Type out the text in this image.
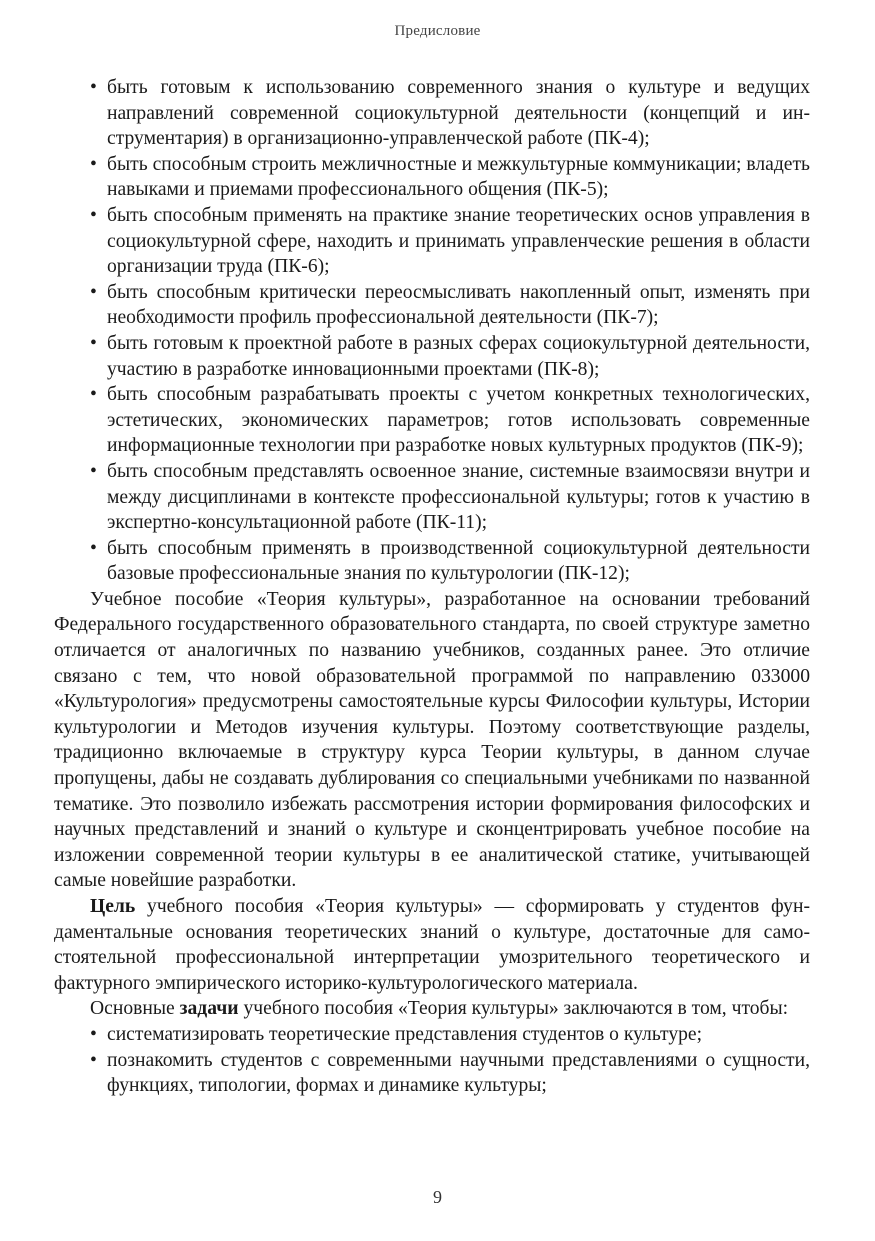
Предисловие
• быть готовым к использованию современного знания о культуре и ведущих направлений современной социокультурной деятельности (концепций и инструментария) в организационно-управленческой работе (ПК-4);
• быть способным строить межличностные и межкультурные коммуникации; владеть навыками и приемами профессионального общения (ПК-5);
• быть способным применять на практике знание теоретических основ управления в социокультурной сфере, находить и принимать управленческие решения в области организации труда (ПК-6);
• быть способным критически переосмысливать накопленный опыт, изменять при необходимости профиль профессиональной деятельности (ПК-7);
• быть готовым к проектной работе в разных сферах социокультурной деятельности, участию в разработке инновационными проектами (ПК-8);
• быть способным разрабатывать проекты с учетом конкретных технологических, эстетических, экономических параметров; готов использовать современные информационные технологии при разработке новых культурных продуктов (ПК-9);
• быть способным представлять освоенное знание, системные взаимосвязи внутри и между дисциплинами в контексте профессиональной культуры; готов к участию в экспертно-консультационной работе (ПК-11);
• быть способным применять в производственной социокультурной деятельности базовые профессиональные знания по культурологии (ПК-12);

Учебное пособие «Теория культуры», разработанное на основании требований Федерального государственного образовательного стандарта, по своей структуре заметно отличается от аналогичных по названию учебников, созданных ранее. Это отличие связано с тем, что новой образовательной программой по направлению 033000 «Культурология» предусмотрены самостоятельные курсы Философии культуры, Истории культурологии и Методов изучения культуры. Поэтому соответствующие разделы, традиционно включаемые в структуру курса Теории культуры, в данном случае пропущены, дабы не создавать дублирования со специальными учебниками по названной тематике. Это позволило избежать рассмотрения истории формирования философских и научных представлений и знаний о культуре и сконцентрировать учебное пособие на изложении современной теории культуры в ее аналитической статике, учитывающей самые новейшие разработки.

Цель учебного пособия «Теория культуры» — сформировать у студентов фундаментальные основания теоретических знаний о культуре, достаточные для самостоятельной профессиональной интерпретации умозрительного теоретического и фактурного эмпирического историко-культурологического материала.

Основные задачи учебного пособия «Теория культуры» заключаются в том, чтобы:

• систематизировать теоретические представления студентов о культуре;
• познакомить студентов с современными научными представлениями о сущности, функциях, типологии, формах и динамике культуры;
9
